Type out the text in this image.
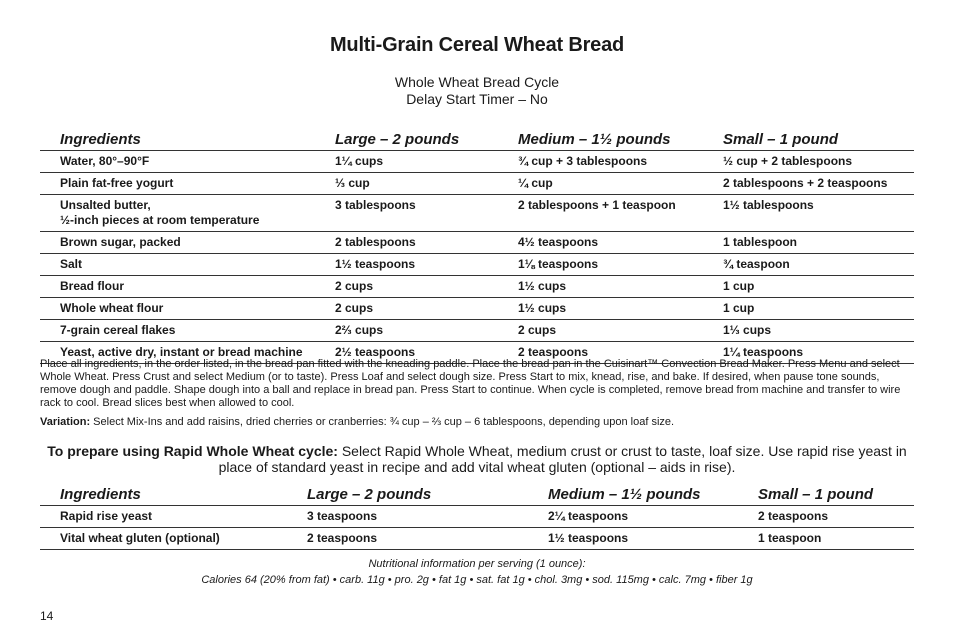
Multi-Grain Cereal Wheat Bread
Whole Wheat Bread Cycle
Delay Start Timer – No
Ingredients	Large – 2 pounds	Medium – 1½ pounds	Small – 1 pound
Water, 80°–90°F	1¼ cups	¾ cup + 3 tablespoons	½ cup + 2 tablespoons
Plain fat-free yogurt	⅓ cup	¼ cup	2 tablespoons + 2 teaspoons

Unsalted butter,
½-inch pieces at room temperature	3 tablespoons	2 tablespoons + 1 teaspoon	1½ tablespoons
Brown sugar, packed	2 tablespoons	4½ teaspoons	1 tablespoon
Salt	1½ teaspoons	1⅛ teaspoons	¾ teaspoon
Bread flour	2 cups	1½ cups	1 cup
Whole wheat flour	2 cups	1½ cups	1 cup
7-grain cereal flakes	2⅔ cups	2 cups	1⅓ cups
Yeast, active dry, instant or bread machine	2½ teaspoons	2 teaspoons	1¼ teaspoons
Place all ingredients, in the order listed, in the bread pan fitted with the kneading paddle. Place the bread pan in the Cuisinart™ Convection Bread Maker. Press Menu and select Whole Wheat. Press Crust and select Medium (or to taste). Press Loaf and select dough size. Press Start to mix, knead, rise, and bake. If desired, when pause tone sounds, remove dough and paddle. Shape dough into a ball and replace in bread pan. Press Start to continue. When cycle is completed, remove bread from machine and transfer to wire rack to cool. Bread slices best when allowed to cool.
Variation: Select Mix-Ins and add raisins, dried cherries or cranberries: ¾ cup – ⅔ cup – 6 tablespoons, depending upon loaf size.
To prepare using Rapid Whole Wheat cycle: Select Rapid Whole Wheat, medium crust or crust to taste, loaf size. Use rapid rise yeast in place of standard yeast in recipe and add vital wheat gluten (optional – aids in rise).
Ingredients	Large – 2 pounds	Medium – 1½ pounds	Small – 1 pound
Rapid rise yeast	3 teaspoons	2¼ teaspoons	2 teaspoons
Vital wheat gluten (optional)	2 teaspoons	1½ teaspoons	1 teaspoon
Nutritional information per serving (1 ounce):
Calories 64 (20% from fat) • carb. 11g • pro. 2g • fat 1g • sat. fat 1g • chol. 3mg • sod. 115mg • calc. 7mg • fiber 1g
14
